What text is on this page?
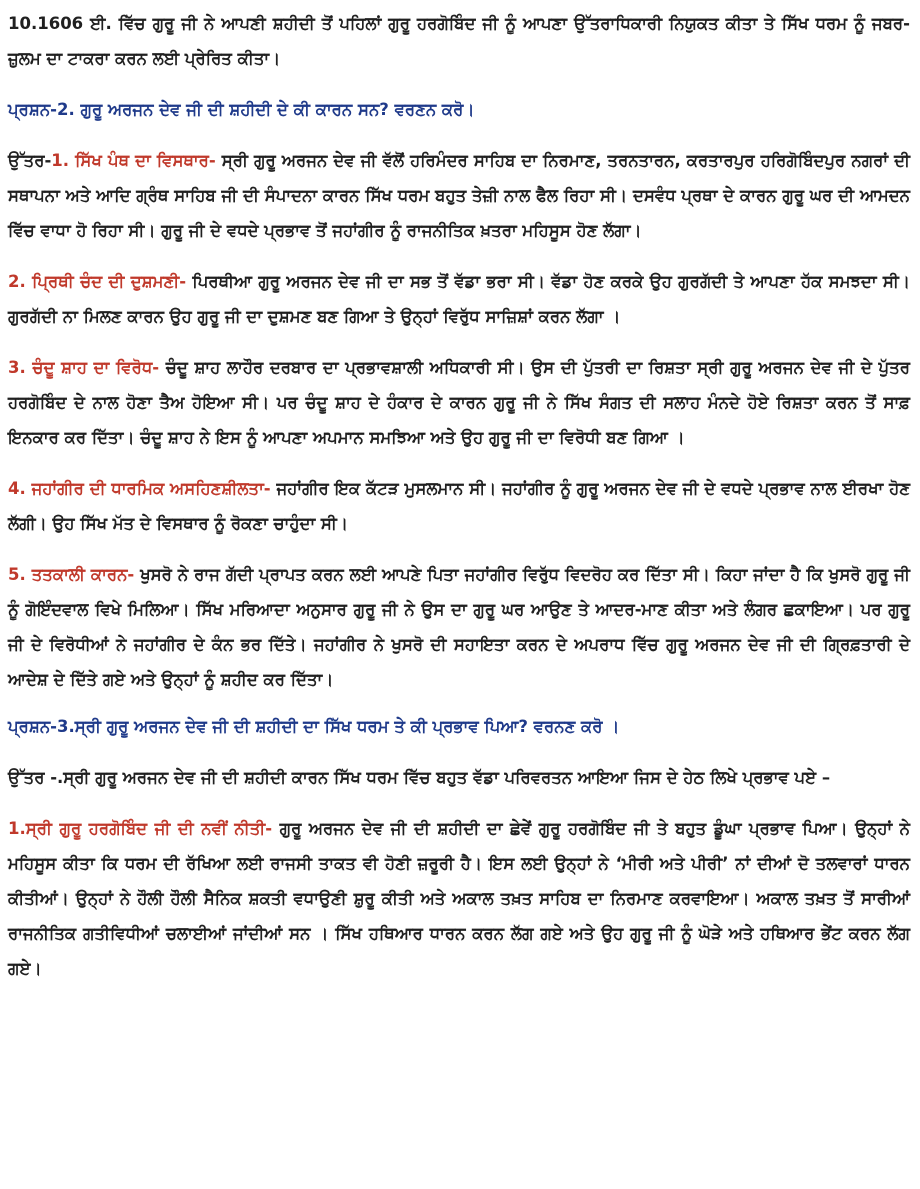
10.1606 ਈ. ਵਿੱਚ ਗੁਰੂ ਜੀ ਨੇ ਆਪਣੀ ਸ਼ਹੀਦੀ ਤੋਂ ਪਹਿਲਾਂ ਗੁਰੂ ਹਰਗੋਬਿੰਦ ਜੀ ਨੂੰ ਆਪਣਾ ਉੱਤਰਾਧਿਕਾਰੀ ਨਿਯੁਕਤ ਕੀਤਾ ਤੇ ਸਿੱਖ ਧਰਮ ਨੂੰ ਜਬਰ-ਜ਼ੁਲਮ ਦਾ ਟਾਕਰਾ ਕਰਨ ਲਈ ਪ੍ਰੇਰਿਤ ਕੀਤਾ।

ਪ੍ਰਸ਼ਨ-2. ਗੁਰੂ ਅਰਜਨ ਦੇਵ ਜੀ ਦੀ ਸ਼ਹੀਦੀ ਦੇ ਕੀ ਕਾਰਨ ਸਨ? ਵਰਣਨ ਕਰੋ।

ਉੱਤਰ-1. ਸਿੱਖ ਪੰਥ ਦਾ ਵਿਸਥਾਰ- ਸ੍ਰੀ ਗੁਰੂ ਅਰਜਨ ਦੇਵ ਜੀ ਵੱਲੋਂ ਹਰਿਮੰਦਰ ਸਾਹਿਬ ਦਾ ਨਿਰਮਾਣ, ਤਰਨਤਾਰਨ, ਕਰਤਾਰਪੁਰ ਹਰਿਗੋਬਿੰਦਪੁਰ ਨਗਰਾਂ ਦੀ ਸਥਾਪਨਾ ਅਤੇ ਆਦਿ ਗ੍ਰੰਥ ਸਾਹਿਬ ਜੀ ਦੀ ਸੰਪਾਦਨਾ ਕਾਰਨ ਸਿੱਖ ਧਰਮ ਬਹੁਤ ਤੇਜ਼ੀ ਨਾਲ ਫੈਲ ਰਿਹਾ ਸੀ। ਦਸਵੰਧ ਪ੍ਰਥਾ ਦੇ ਕਾਰਨ ਗੁਰੂ ਘਰ ਦੀ ਆਮਦਨ ਵਿੱਚ ਵਾਧਾ ਹੋ ਰਿਹਾ ਸੀ। ਗੁਰੂ ਜੀ ਦੇ ਵਧਦੇ ਪ੍ਰਭਾਵ ਤੋਂ ਜਹਾਂਗੀਰ ਨੂੰ ਰਾਜਨੀਤਿਕ ਖ਼ਤਰਾ ਮਹਿਸੂਸ ਹੋਣ ਲੱਗਾ।

2. ਪ੍ਰਿਥੀ ਚੰਦ ਦੀ ਦੁਸ਼ਮਣੀ- ਪਿਰਥੀਆ ਗੁਰੂ ਅਰਜਨ ਦੇਵ ਜੀ ਦਾ ਸਭ ਤੋਂ ਵੱਡਾ ਭਰਾ ਸੀ। ਵੱਡਾ ਹੋਣ ਕਰਕੇ ਉਹ ਗੁਰਗੱਦੀ ਤੇ ਆਪਣਾ ਹੱਕ ਸਮਝਦਾ ਸੀ। ਗੁਰਗੱਦੀ ਨਾ ਮਿਲਣ ਕਾਰਨ ਉਹ ਗੁਰੂ ਜੀ ਦਾ ਦੁਸ਼ਮਣ ਬਣ ਗਿਆ ਤੇ ਉਨ੍ਹਾਂ ਵਿਰੁੱਧ ਸਾਜ਼ਿਸ਼ਾਂ ਕਰਨ ਲੱਗਾ ।

3. ਚੰਦੂ ਸ਼ਾਹ ਦਾ ਵਿਰੋਧ- ਚੰਦੂ ਸ਼ਾਹ ਲਾਹੌਰ ਦਰਬਾਰ ਦਾ ਪ੍ਰਭਾਵਸ਼ਾਲੀ ਅਧਿਕਾਰੀ ਸੀ। ਉਸ ਦੀ ਪੁੱਤਰੀ ਦਾ ਰਿਸ਼ਤਾ ਸ੍ਰੀ ਗੁਰੂ ਅਰਜਨ ਦੇਵ ਜੀ ਦੇ ਪੁੱਤਰ ਹਰਗੋਬਿੰਦ ਦੇ ਨਾਲ ਹੋਣਾ ਤੈਅ ਹੋਇਆ ਸੀ। ਪਰ ਚੰਦੂ ਸ਼ਾਹ ਦੇ ਹੰਕਾਰ ਦੇ ਕਾਰਨ ਗੁਰੂ ਜੀ ਨੇ ਸਿੱਖ ਸੰਗਤ ਦੀ ਸਲਾਹ ਮੰਨਦੇ ਹੋਏ ਰਿਸ਼ਤਾ ਕਰਨ ਤੋਂ ਸਾਫ਼ ਇਨਕਾਰ ਕਰ ਦਿੱਤਾ। ਚੰਦੂ ਸ਼ਾਹ ਨੇ ਇਸ ਨੂੰ ਆਪਣਾ ਅਪਮਾਨ ਸਮਝਿਆ ਅਤੇ ਉਹ ਗੁਰੂ ਜੀ ਦਾ ਵਿਰੋਧੀ ਬਣ ਗਿਆ ।

4. ਜਹਾਂਗੀਰ ਦੀ ਧਾਰਮਿਕ ਅਸਹਿਣਸ਼ੀਲਤਾ- ਜਹਾਂਗੀਰ ਇਕ ਕੱਟੜ ਮੁਸਲਮਾਨ ਸੀ। ਜਹਾਂਗੀਰ ਨੂੰ ਗੁਰੂ ਅਰਜਨ ਦੇਵ ਜੀ ਦੇ ਵਧਦੇ ਪ੍ਰਭਾਵ ਨਾਲ ਈਰਖਾ ਹੋਣ ਲੱਗੀ। ਉਹ ਸਿੱਖ ਮੱਤ ਦੇ ਵਿਸਥਾਰ ਨੂੰ ਰੋਕਣਾ ਚਾਹੁੰਦਾ ਸੀ।

5. ਤਤਕਾਲੀ ਕਾਰਨ- ਖੁਸਰੋ ਨੇ ਰਾਜ ਗੱਦੀ ਪ੍ਰਾਪਤ ਕਰਨ ਲਈ ਆਪਣੇ ਪਿਤਾ ਜਹਾਂਗੀਰ ਵਿਰੁੱਧ ਵਿਦਰੋਹ ਕਰ ਦਿੱਤਾ ਸੀ। ਕਿਹਾ ਜਾਂਦਾ ਹੈ ਕਿ ਖੁਸਰੋ ਗੁਰੂ ਜੀ ਨੂੰ ਗੋਇੰਦਵਾਲ ਵਿਖੇ ਮਿਲਿਆ। ਸਿੱਖ ਮਰਿਆਦਾ ਅਨੁਸਾਰ ਗੁਰੂ ਜੀ ਨੇ ਉਸ ਦਾ ਗੁਰੂ ਘਰ ਆਉਣ ਤੇ ਆਦਰ-ਮਾਣ ਕੀਤਾ ਅਤੇ ਲੰਗਰ ਛਕਾਇਆ। ਪਰ ਗੁਰੂ ਜੀ ਦੇ ਵਿਰੋਧੀਆਂ ਨੇ ਜਹਾਂਗੀਰ ਦੇ ਕੰਨ ਭਰ ਦਿੱਤੇ। ਜਹਾਂਗੀਰ ਨੇ ਖੁਸਰੋ ਦੀ ਸਹਾਇਤਾ ਕਰਨ ਦੇ ਅਪਰਾਧ ਵਿੱਚ ਗੁਰੂ ਅਰਜਨ ਦੇਵ ਜੀ ਦੀ ਗ੍ਰਿਫ਼ਤਾਰੀ ਦੇ ਆਦੇਸ਼ ਦੇ ਦਿੱਤੇ ਗਏ ਅਤੇ ਉਨ੍ਹਾਂ ਨੂੰ ਸ਼ਹੀਦ ਕਰ ਦਿੱਤਾ।

ਪ੍ਰਸ਼ਨ-3.ਸ੍ਰੀ ਗੁਰੂ ਅਰਜਨ ਦੇਵ ਜੀ ਦੀ ਸ਼ਹੀਦੀ ਦਾ ਸਿੱਖ ਧਰਮ ਤੇ ਕੀ ਪ੍ਰਭਾਵ ਪਿਆ? ਵਰਨਣ ਕਰੋ ।

ਉੱਤਰ -.ਸ੍ਰੀ ਗੁਰੂ ਅਰਜਨ ਦੇਵ ਜੀ ਦੀ ਸ਼ਹੀਦੀ ਕਾਰਨ ਸਿੱਖ ਧਰਮ ਵਿੱਚ ਬਹੁਤ ਵੱਡਾ ਪਰਿਵਰਤਨ ਆਇਆ ਜਿਸ ਦੇ ਹੇਠ ਲਿਖੇ ਪ੍ਰਭਾਵ ਪਏ –

1.ਸ੍ਰੀ ਗੁਰੂ ਹਰਗੋਬਿੰਦ ਜੀ ਦੀ ਨਵੀਂ ਨੀਤੀ- ਗੁਰੂ ਅਰਜਨ ਦੇਵ ਜੀ ਦੀ ਸ਼ਹੀਦੀ ਦਾ ਛੇਵੇਂ ਗੁਰੂ ਹਰਗੋਬਿੰਦ ਜੀ ਤੇ ਬਹੁਤ ਡੂੰਘਾ ਪ੍ਰਭਾਵ ਪਿਆ। ਉਨ੍ਹਾਂ ਨੇ ਮਹਿਸੂਸ ਕੀਤਾ ਕਿ ਧਰਮ ਦੀ ਰੱਖਿਆ ਲਈ ਰਾਜਸੀ ਤਾਕਤ ਵੀ ਹੋਣੀ ਜ਼ਰੂਰੀ ਹੈ। ਇਸ ਲਈ ਉਨ੍ਹਾਂ ਨੇ ‘ਮੀਰੀ ਅਤੇ ਪੀਰੀ’ ਨਾਂ ਦੀਆਂ ਦੋ ਤਲਵਾਰਾਂ ਧਾਰਨ ਕੀਤੀਆਂ। ਉਨ੍ਹਾਂ ਨੇ ਹੌਲੀ ਹੌਲੀ ਸੈਨਿਕ ਸ਼ਕਤੀ ਵਧਾਉਣੀ ਸ਼ੁਰੂ ਕੀਤੀ ਅਤੇ ਅਕਾਲ ਤਖ਼ਤ ਸਾਹਿਬ ਦਾ ਨਿਰਮਾਣ ਕਰਵਾਇਆ। ਅਕਾਲ ਤਖ਼ਤ ਤੋਂ ਸਾਰੀਆਂ ਰਾਜਨੀਤਿਕ ਗਤੀਵਿਧੀਆਂ ਚਲਾਈਆਂ ਜਾਂਦੀਆਂ ਸਨ । ਸਿੱਖ ਹਥਿਆਰ ਧਾਰਨ ਕਰਨ ਲੱਗ ਗਏ ਅਤੇ ਉਹ ਗੁਰੂ ਜੀ ਨੂੰ ਘੋੜੇ ਅਤੇ ਹਥਿਆਰ ਭੇਂਟ ਕਰਨ ਲੱਗ ਗਏ।
